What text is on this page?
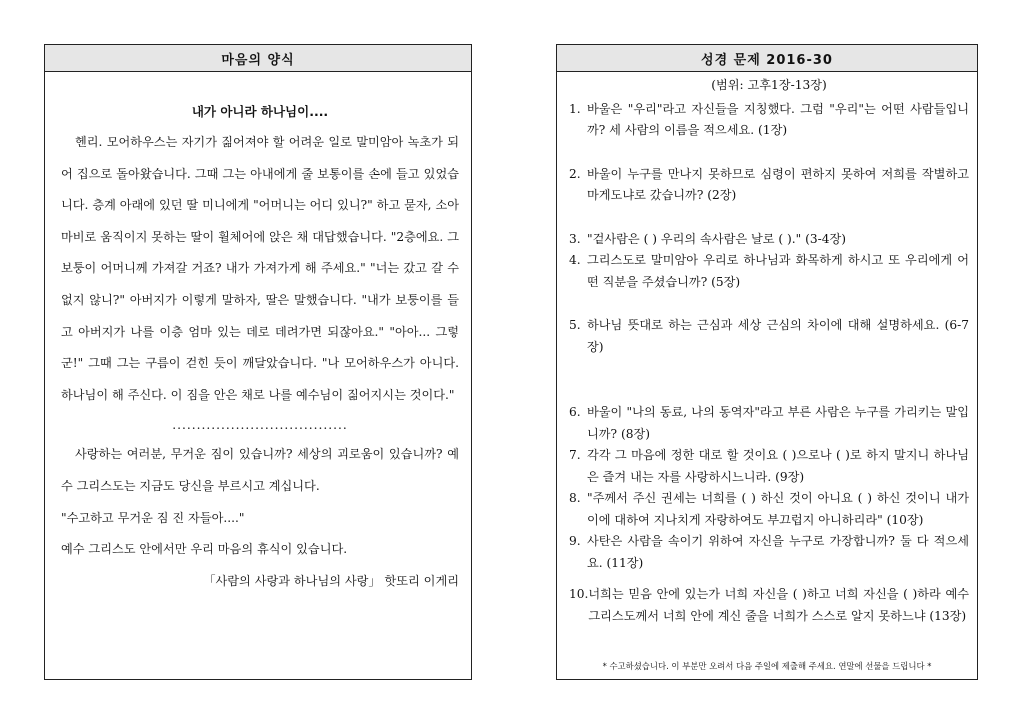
마음의 양식
내가 아니라 하나님이....

헨리. 모어하우스는 자기가 짊어져야 할 어려운 일로 말미암아 녹초가 되어 집으로 돌아왔습니다. 그때 그는 아내에게 줄 보통이를 손에 들고 있었습니다. 층계 아래에 있던 딸 미니에게 "어머니는 어디 있니?" 하고 묻자, 소아마비로 움직이지 못하는 딸이 휠체어에 앉은 채 대답했습니다. "2층에요. 그 보퉁이 어머니께 가져갈 거죠? 내가 가져가게 해 주세요." "너는 갔고 갈 수 없지 않니?" 아버지가 이렇게 말하자, 딸은 말했습니다. "내가 보퉁이를 들고 아버지가 나를 이층 엄마 있는 데로 데려가면 되잖아요." "아아... 그렇군!" 그때 그는 구름이 걷힌 듯이 깨달았습니다. "나 모어하우스가 아니다. 하나님이 해 주신다. 이 짐을 안은 채로 나를 예수님이 짊어지시는 것이다."

....................................

사랑하는 여러분, 무거운 짐이 있습니까? 세상의 괴로움이 있습니까? 예수 그리스도는 지금도 당신을 부르시고 계십니다.

"수고하고 무거운 짐 진 자들아...."

예수 그리스도 안에서만 우리 마음의 휴식이 있습니다.

「사람의 사랑과 하나님의 사랑」 핫또리 이게리

성경 문제 2016-30
(범위: 고후1장-13장)
1. 바울은 "우리"라고 자신들을 지칭했다. 그럼 "우리"는 어떤 사람들입니까? 세 사람의 이름을 적으세요. (1장)
2. 바울이 누구를 만나지 못하므로 심령이 편하지 못하여 저희를 작별하고 마게도냐로 갔습니까? (2장)
3. "겉사람은 ( ) 우리의 속사람은 날로 ( )." (3-4장)
4. 그리스도로 말미암아 우리로 하나님과 화목하게 하시고 또 우리에게 어떤 직분을 주셨습니까? (5장)
5. 하나님 뜻대로 하는 근심과 세상 근심의 차이에 대해 설명하세요. (6-7장)
6. 바울이 "나의 동료, 나의 동역자"라고 부른 사람은 누구를 가리키는 말입니까? (8장)
7. 각각 그 마음에 정한 대로 할 것이요 ( )으로나 ( )로 하지 말지니 하나님은 즐겨 내는 자를 사랑하시느니라. (9장)
8. "주께서 주신 권세는 너희를 ( ) 하신 것이 아니요 ( ) 하신 것이니 내가 이에 대하여 지나치게 자랑하여도 부끄럽지 아니하리라" (10장)
9. 사탄은 사람을 속이기 위하여 자신을 누구로 가장합니까? 둘 다 적으세요. (11장)
10. 너희는 믿음 안에 있는가 너희 자신을 ( )하고 너희 자신을 ( )하라 예수 그리스도께서 너희 안에 계신 줄을 너희가 스스로 알지 못하느냐 (13장)
* 수고하셨습니다. 이 부분만 오려서 다음 주일에 제출해 주세요. 연말에 선물을 드립니다 *
